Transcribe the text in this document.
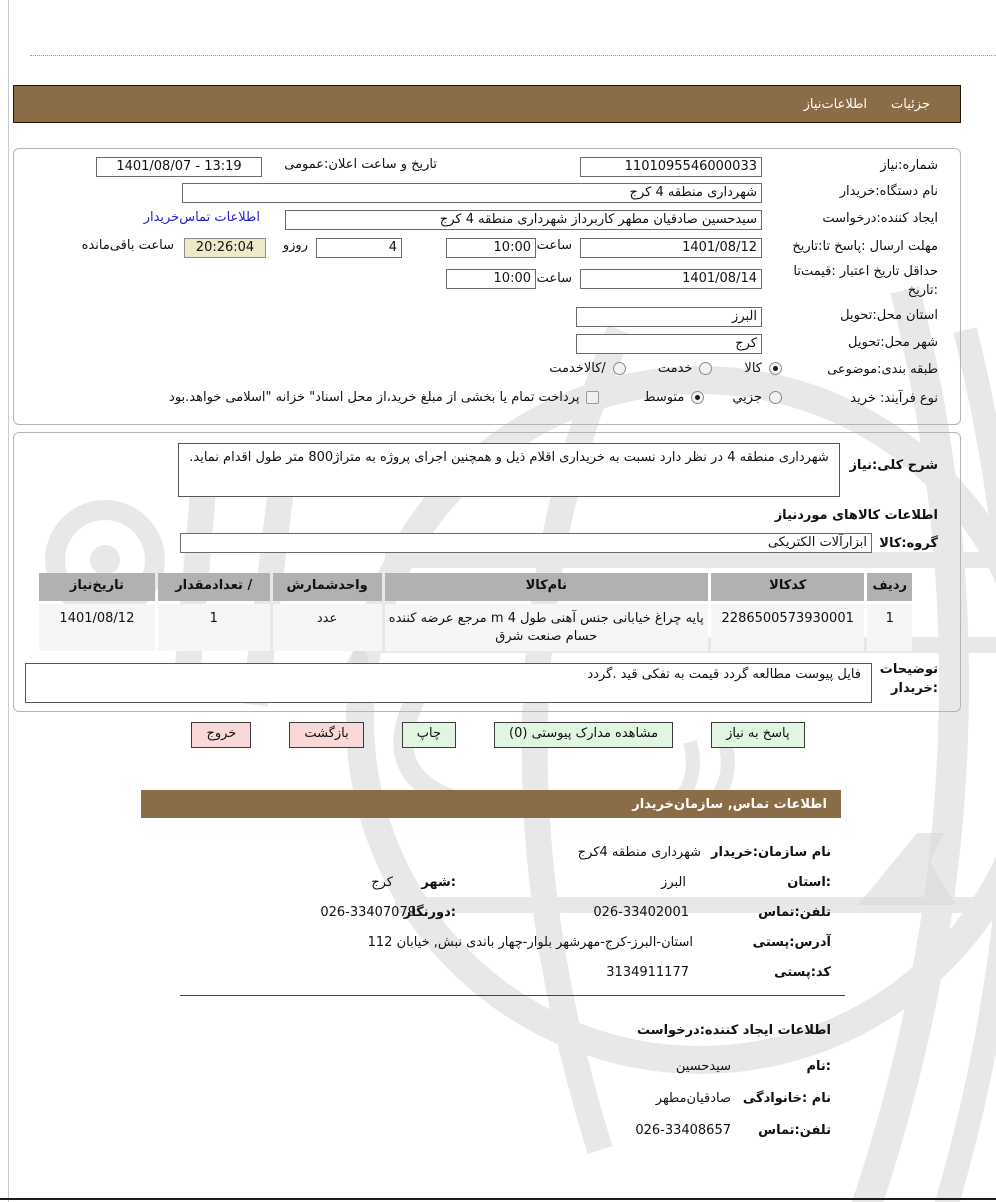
جزئیات
اطلاعات‌نیاز
شماره:نیاز
1101095546000033
تاریخ و ساعت اعلان:عمومی
1401/08/07 - 13:19
نام دستگاه:خریدار
شهرداری منطقه 4 کرج
ایجاد کننده:درخواست
سیدحسین صادقیان مطهر کاربرداز شهرداری منطقه 4 کرج
اطلاعات تماس‌خریدار
مهلت ارسال :پاسخ تا:تاریخ
1401/08/12
ساعت
10:00
4
روزو
20:26:04
ساعت باقی‌مانده
حداقل تاریخ اعتبار :قیمت‌تا :تاریخ
1401/08/14
ساعت
10:00
استان محل:تحویل
البرز
شهر محل:تحویل
کرج
طبقه بندی:موضوعی
کالا
خدمت
/کالاخدمت
نوع فرآیند: خرید
جزیي
متوسط
پرداخت تمام یا بخشی از مبلغ خرید،از محل اسناد" خزانه "اسلامی خواهد.بود
شرح کلی:نیاز
شهرداری منطقه 4 در نظر دارد نسبت به خریداری اقلام ذیل و همچنین اجرای پروژه به متراژ800 متر طول اقدام نماید.
اطلاعات کالاهای موردنیاز
گروه:کالا
ابزارآلات الکتریکی
ردیف
کدکالا
نام‌کالا
واحدشمارش
/ تعدادمقدار
تاریخ‌نیاز
1
2286500573930001
پایه چراغ خیابانی جنس آهنی طول 4 m مرجع عرضه کننده حسام صنعت شرق
عدد
1
1401/08/12
توضیحات :خریدار
فایل پیوست مطالعه گردد قیمت به تفکی قید .گردد
پاسخ به نیاز
مشاهده مدارک پیوستی (0)
چاپ
بازگشت
خروج
اطلاعات تماس, سازمان‌خریدار
نام سازمان:خریدار
شهرداری منطقه 4کرج
:استان
البرز
:شهر
کرج
تلفن:تماس
026-33402001
:دورنگار
026-33407079
آدرس:پستی
استان-البرز-کرج-مهرشهر بلوار-چهار باندی نبش, خیابان 112
کد:پستی
3134911177
اطلاعات ایجاد کننده:درخواست
:نام
سیدحسین
نام :خانوادگی
صادقیان‌مطهر
تلفن:تماس
026-33408657
